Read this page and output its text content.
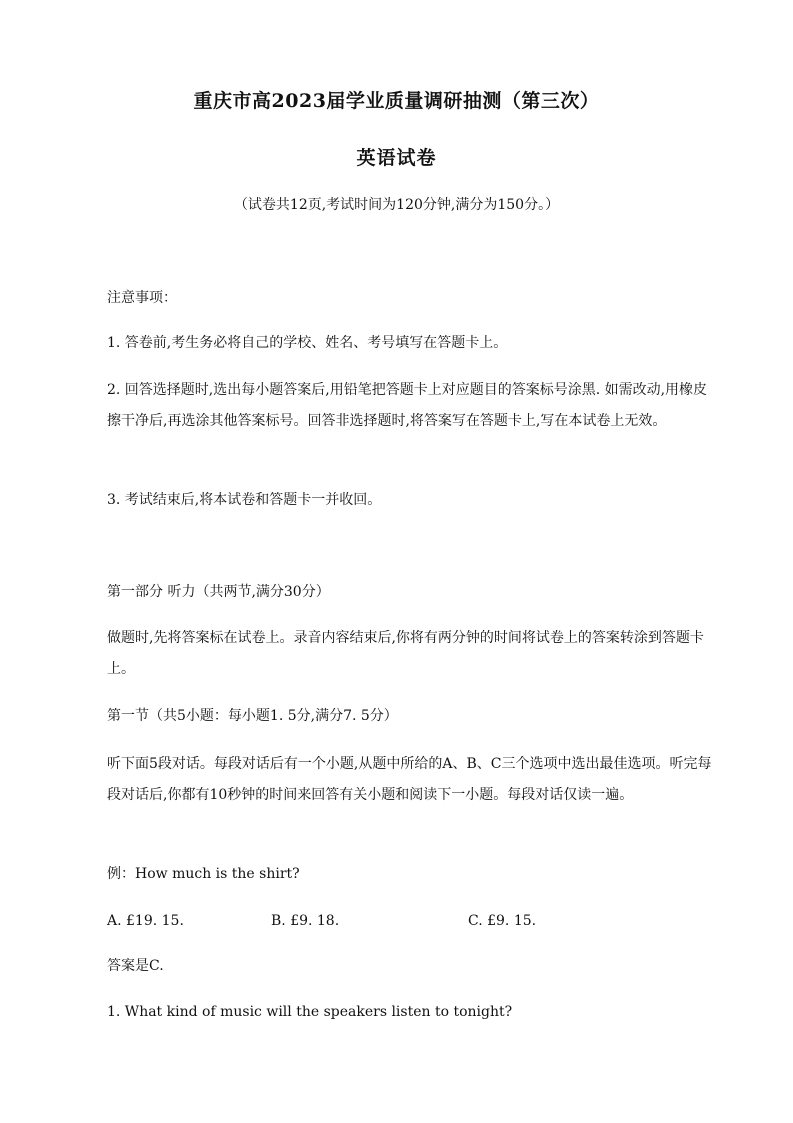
重庆市高2023届学业质量调研抽测（第三次）
英语试卷
（试卷共12页,考试时间为120分钟,满分为150分。）
注意事项：
1. 答卷前,考生务必将自己的学校、姓名、考号填写在答题卡上。
2. 回答选择题时,选出每小题答案后,用铅笔把答题卡上对应题目的答案标号涂黑. 如需改动,用橡皮擦干净后,再选涂其他答案标号。回答非选择题时,将答案写在答题卡上,写在本试卷上无效。
3. 考试结束后,将本试卷和答题卡一并收回。
第一部分 听力（共两节,满分30分）
做题时,先将答案标在试卷上。录音内容结束后,你将有两分钟的时间将试卷上的答案转涂到答题卡上。
第一节（共5小题：每小题1. 5分,满分7. 5分）
听下面5段对话。每段对话后有一个小题,从题中所给的A、B、C三个选项中选出最佳选项。听完每段对话后,你都有10秒钟的时间来回答有关小题和阅读下一小题。每段对话仅读一遍。
例：How much is the shirt?
A. £19. 15.	B. £9. 18.	C. £9. 15.
答案是C.
1. What kind of music will the speakers listen to tonight?
